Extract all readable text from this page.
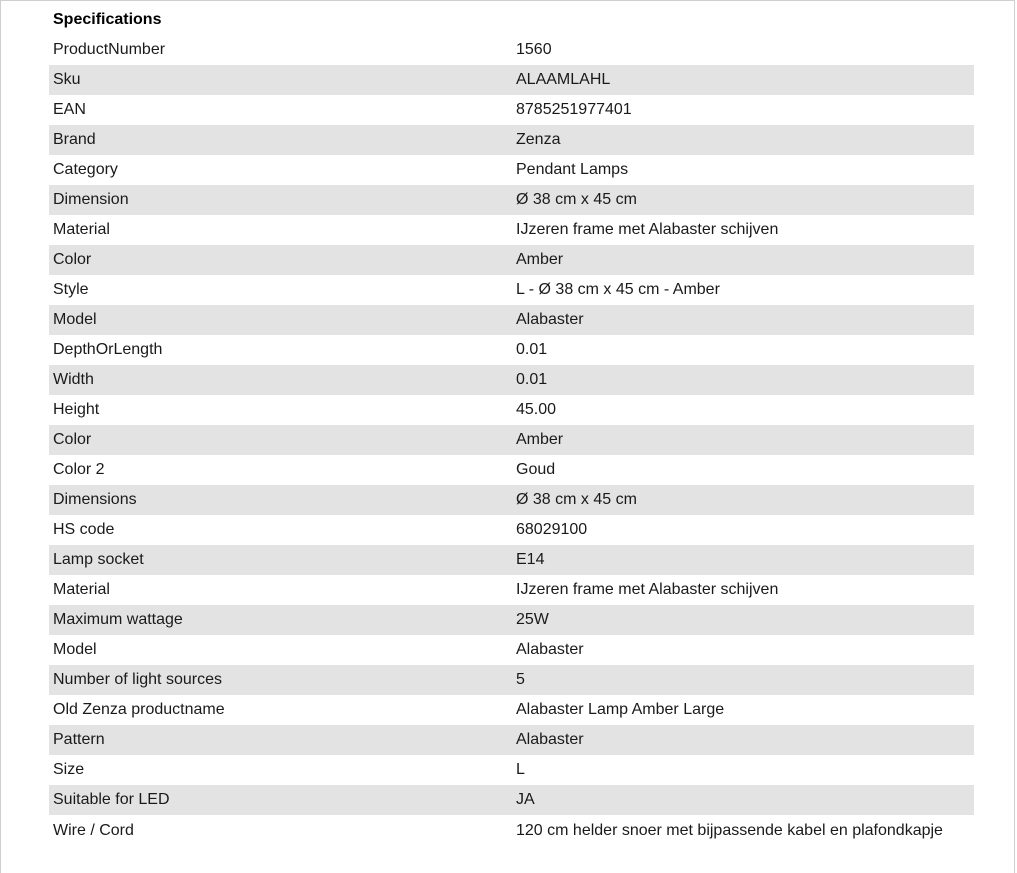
Specifications
ProductNumber	1560
Sku	ALAAMLAHL
EAN	8785251977401
Brand	Zenza
Category	Pendant Lamps
Dimension	Ø 38 cm x 45 cm
Material	IJzeren frame met Alabaster schijven
Color	Amber
Style	L - Ø 38 cm x 45 cm - Amber
Model	Alabaster
DepthOrLength	0.01
Width	0.01
Height	45.00
Color	Amber
Color 2	Goud
Dimensions	Ø 38 cm x 45 cm
HS code	68029100
Lamp socket	E14
Material	IJzeren frame met Alabaster schijven
Maximum wattage	25W
Model	Alabaster
Number of light sources	5
Old Zenza productname	Alabaster Lamp Amber Large
Pattern	Alabaster
Size	L
Suitable for LED	JA
Wire / Cord	120 cm helder snoer met bijpassende kabel en plafondkapje
